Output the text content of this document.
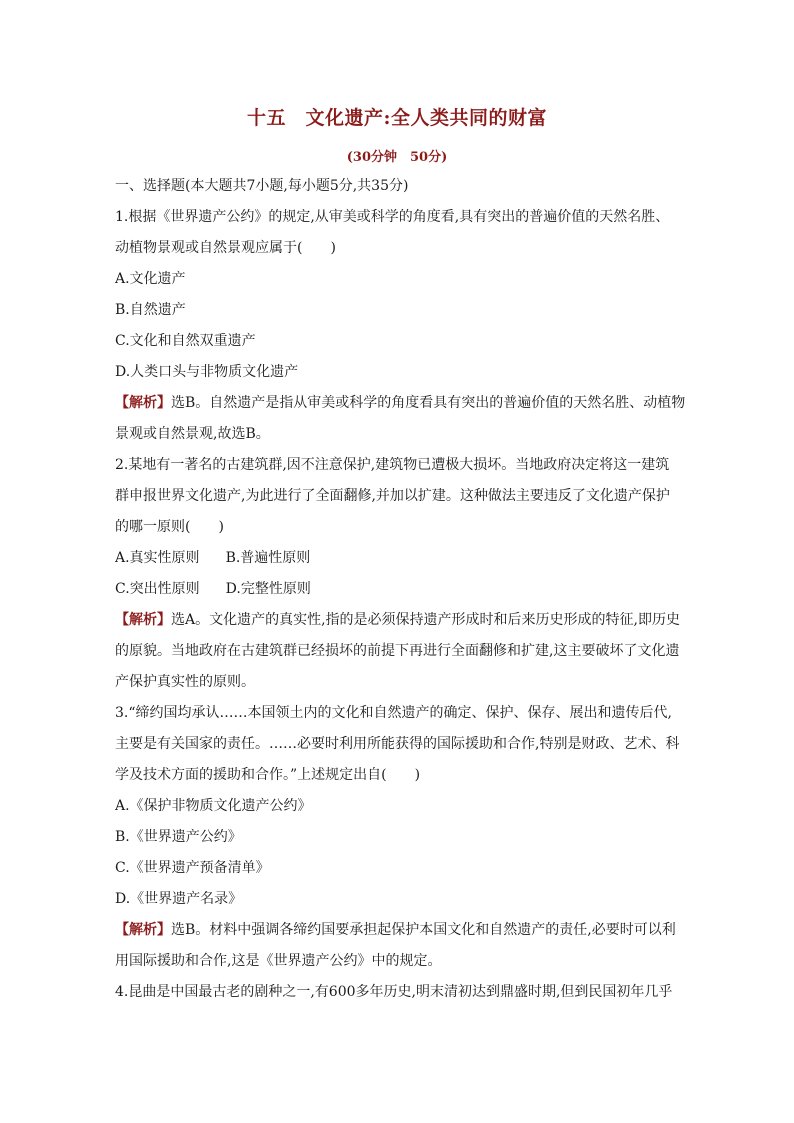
十五　文化遗产:全人类共同的财富
(30分钟　50分)
一、选择题(本大题共7小题,每小题5分,共35分)
1.根据《世界遗产公约》的规定,从审美或科学的角度看,具有突出的普遍价值的天然名胜、
动植物景观或自然景观应属于(　　)
A.文化遗产
B.自然遗产
C.文化和自然双重遗产
D.人类口头与非物质文化遗产
【解析】选B。自然遗产是指从审美或科学的角度看具有突出的普遍价值的天然名胜、动植物
景观或自然景观,故选B。
2.某地有一著名的古建筑群,因不注意保护,建筑物已遭极大损坏。当地政府决定将这一建筑
群申报世界文化遗产,为此进行了全面翻修,并加以扩建。这种做法主要违反了文化遗产保护
的哪一原则(　　)
A.真实性原则 B.普遍性原则
C.突出性原则 D.完整性原则
【解析】选A。文化遗产的真实性,指的是必须保持遗产形成时和后来历史形成的特征,即历史
的原貌。当地政府在古建筑群已经损坏的前提下再进行全面翻修和扩建,这主要破坏了文化遗
产保护真实性的原则。
3.“缔约国均承认……本国领土内的文化和自然遗产的确定、保护、保存、展出和遗传后代,
主要是有关国家的责任。……必要时利用所能获得的国际援助和合作,特别是财政、艺术、科
学及技术方面的援助和合作。”上述规定出自(　　)
A.《保护非物质文化遗产公约》
B.《世界遗产公约》
C.《世界遗产预备清单》
D.《世界遗产名录》
【解析】选B。材料中强调各缔约国要承担起保护本国文化和自然遗产的责任,必要时可以利
用国际援助和合作,这是《世界遗产公约》中的规定。
4.昆曲是中国最古老的剧种之一,有600多年历史,明末清初达到鼎盛时期,但到民国初年几乎
